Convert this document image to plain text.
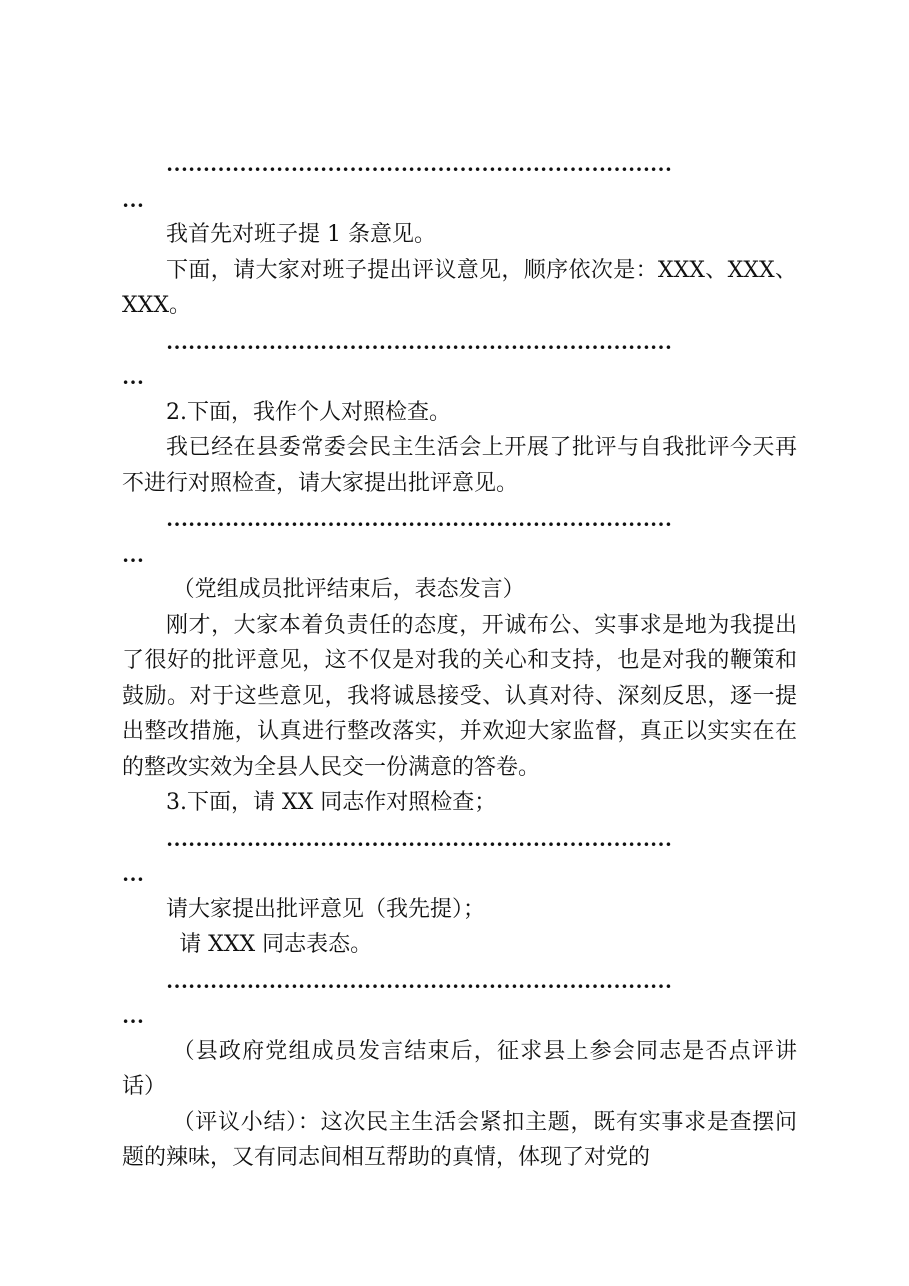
……………………………………………………………

…

我首先对班子提 1 条意见。

下面，请大家对班子提出评议意见，顺序依次是：XXX、XXX、XXX。

……………………………………………………………

…

2.下面，我作个人对照检查。

我已经在县委常委会民主生活会上开展了批评与自我批评今天再不进行对照检查，请大家提出批评意见。

……………………………………………………………

…

（党组成员批评结束后，表态发言）

刚才，大家本着负责任的态度，开诚布公、实事求是地为我提出了很好的批评意见，这不仅是对我的关心和支持，也是对我的鞭策和鼓励。对于这些意见，我将诚恳接受、认真对待、深刻反思，逐一提出整改措施，认真进行整改落实，并欢迎大家监督，真正以实实在在的整改实效为全县人民交一份满意的答卷。

3.下面，请 XX 同志作对照检查；

……………………………………………………………

…

请大家提出批评意见（我先提）；

请 XXX 同志表态。

……………………………………………………………

…

（县政府党组成员发言结束后，征求县上参会同志是否点评讲话）

（评议小结）：这次民主生活会紧扣主题，既有实事求是查摆问题的辣味，又有同志间相互帮助的真情，体现了对党的
